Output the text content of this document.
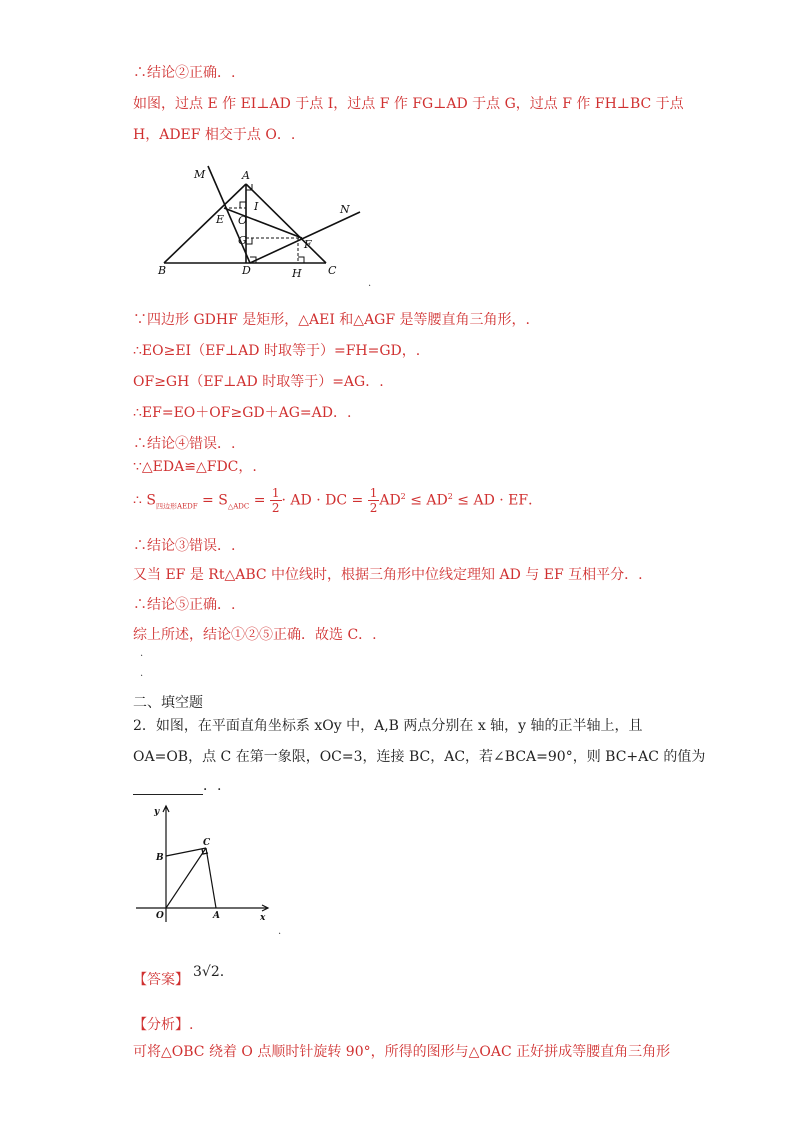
∴结论②正确．.
如图，过点 E 作 EI⊥AD 于点 I，过点 F 作 FG⊥AD 于点 G，过点 F 作 FH⊥BC 于点
H，ADEF 相交于点 O．.
M	A
N
I
E O
G	F
B	D	H C
.
∵四边形 GDHF 是矩形，△AEI 和△AGF 是等腰直角三角形，.
∴EO≥EI（EF⊥AD 时取等于）=FH=GD，.
OF≥GH（EF⊥AD 时取等于）=AG．.
∴EF=EO＋OF≥GD＋AG=AD．.
∴结论④错误．.
∵△EDA≌△FDC，.
∴ $S_{四边形AEDF} = S_{\triangle ADC} = \frac{1}{2}$ · AD · DC = $\frac{1}{2} AD^2 \le AD^2$ ≤ AD · EF．
∴结论③错误．.
又当 EF 是 Rt△ABC 中位线时，根据三角形中位线定理知 AD 与 EF 互相平分．.
∴结论⑤正确．.
综上所述，结论①②⑤正确．故选 C．.
.
.
二、填空题
2．如图，在平面直角坐标系 xOy 中，A,B 两点分别在 x 轴，y 轴的正半轴上，且
OA=OB，点 C 在第一象限，OC=3，连接 BC，AC，若∠BCA=90°，则 BC+AC 的值为
．.
y
x
B
C
O	A
.
【答案】 3√2.
【分析】.
可将△OBC 绕着 O 点顺时针旋转 90°，所得的图形与△OAC 正好拼成等腰直角三角形
